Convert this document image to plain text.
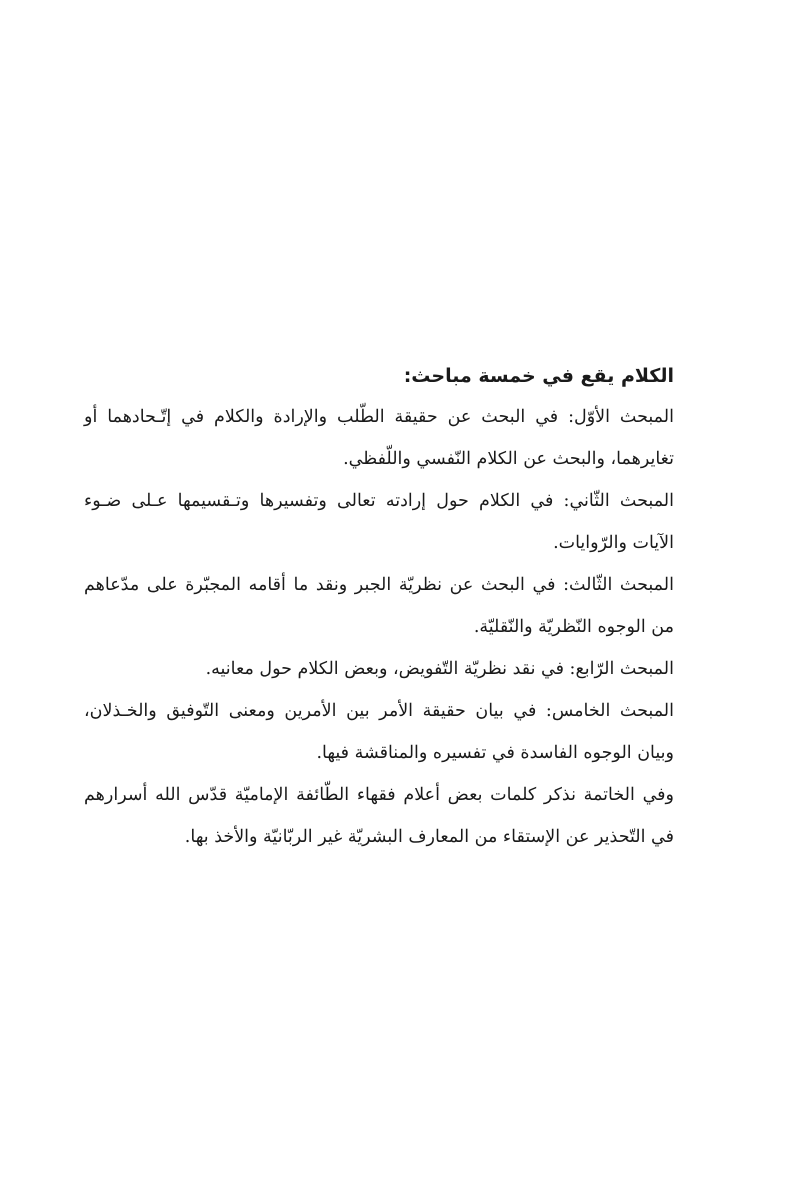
الكلام يقع في خمسة مباحث:

المبحث الأوّل: في البحث عن حقيقة الطّلب والإرادة والكلام في إتّـحادهما أو تغايرهما، والبحث عن الكلام النّفسي واللّفظي.

المبحث الثّاني: في الكلام حول إرادته تعالى وتفسيرها وتـقسيمها عـلى ضـوء الآيات والرّوايات.

المبحث الثّالث: في البحث عن نظريّة الجبر ونقد ما أقامه المجبّرة على مدّعاهم من الوجوه النّظريّة والنّقليّة.

المبحث الرّابع: في نقد نظريّة التّفويض، وبعض الكلام حول معانيه.

المبحث الخامس: في بيان حقيقة الأمر بين الأمرين ومعنى التّوفيق والخـذلان، وبيان الوجوه الفاسدة في تفسيره والمناقشة فيها.

وفي الخاتمة نذكر كلمات بعض أعلام فقهاء الطّائفة الإماميّة قدّس الله أسرارهم في التّحذير عن الإستقاء من المعارف البشريّة غير الربّانيّة والأخذ بها.
